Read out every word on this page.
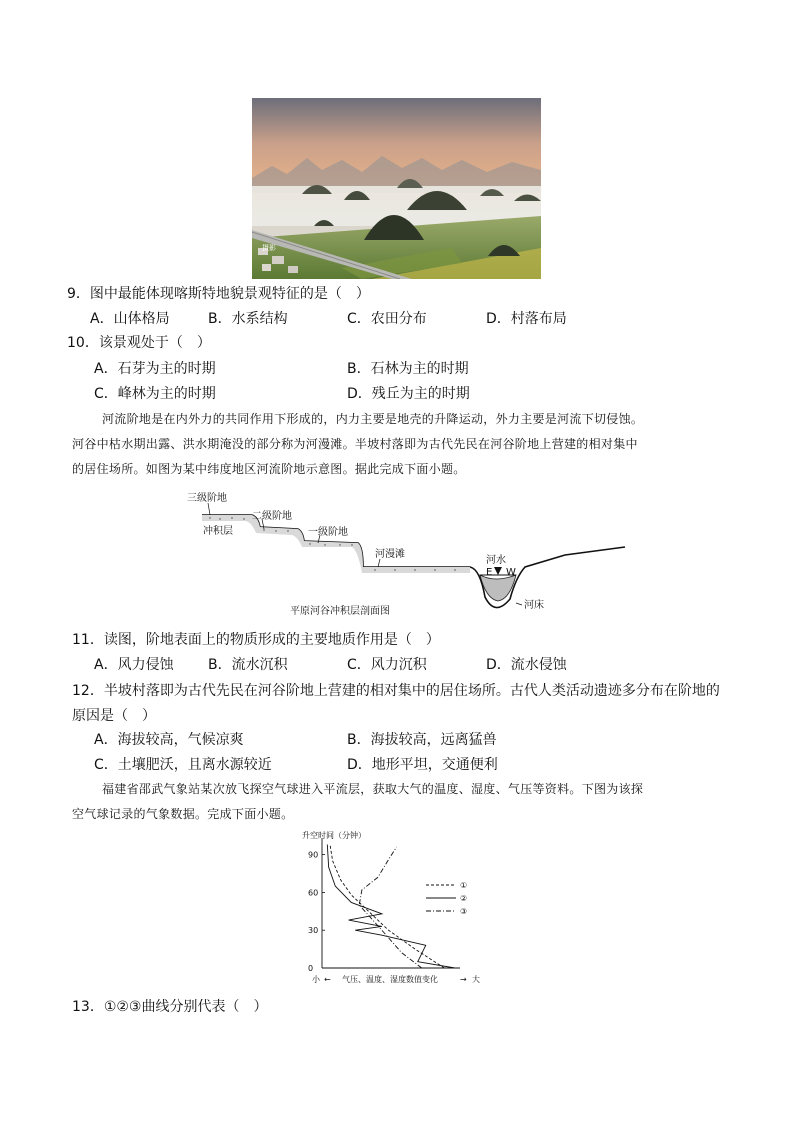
摄影
9．图中最能体现喀斯特地貌景观特征的是（　）
A．山体格局	B．水系结构	C．农田分布	D．村落布局
10．该景观处于（　）
A．石芽为主的时期	B．石林为主的时期
C．峰林为主的时期	D．残丘为主的时期
河流阶地是在内外力的共同作用下形成的，内力主要是地壳的升降运动，外力主要是河流下切侵蚀。
河谷中枯水期出露、洪水期淹没的部分称为河漫滩。半坡村落即为古代先民在河谷阶地上营建的相对集中
的居住场所。如图为某中纬度地区河流阶地示意图。据此完成下面小题。
三级阶地
二级阶地
一级阶地
冲积层
河漫滩
河水
E W
河床
平原河谷冲积层剖面图
11．读图，阶地表面上的物质形成的主要地质作用是（　）
A．风力侵蚀 B．流水沉积	C．风力沉积	D．流水侵蚀
12．半坡村落即为古代先民在河谷阶地上营建的相对集中的居住场所。古代人类活动遗迹多分布在阶地的
原因是（　）
A．海拔较高，气候凉爽	B．海拔较高，远离猛兽
C．土壤肥沃，且离水源较近	D．地形平坦，交通便利
福建省邵武气象站某次放飞探空气球进入平流层，获取大气的温度、湿度、气压等资料。下图为该探
空气球记录的气象数据。完成下面小题。
升空时间（分钟）
0
30
60
90
①
②
③
小 ← 气压、温度、湿度数值变化	→ 大
13．①②③曲线分别代表（　）
